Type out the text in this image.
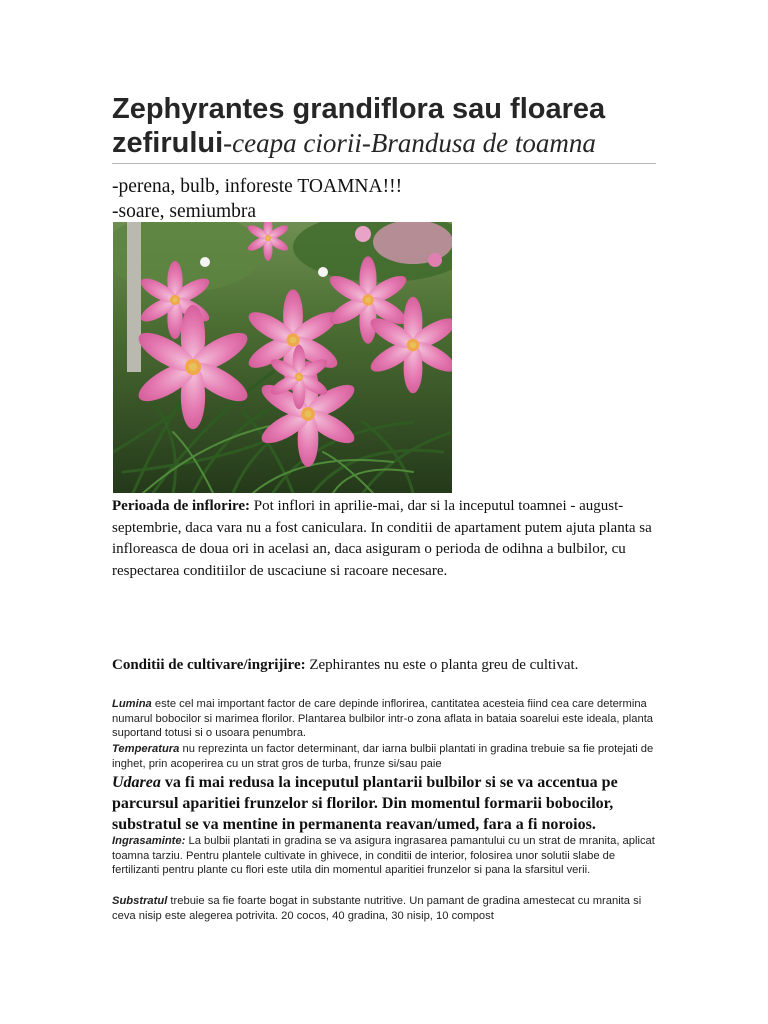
Zephyrantes grandiflora sau floarea zefirului-ceapa ciorii-Brandusa de toamna
-perena, bulb, inforeste TOAMNA!!!
-soare, semiumbra
Perioada de inflorire: Pot inflori in aprilie-mai, dar si la inceputul toamnei - august-septembrie, daca vara nu a fost caniculara. In conditii de apartament putem ajuta planta sa infloreasca de doua ori in acelasi an, daca asiguram o perioda de odihna a bulbilor, cu respectarea conditiilor de uscaciune si racoare necesare.
Conditii de cultivare/ingrijire: Zephirantes nu este o planta greu de cultivat.
Lumina este cel mai important factor de care depinde inflorirea, cantitatea acesteia fiind cea care determina numarul bobocilor si marimea florilor. Plantarea bulbilor intr-o zona aflata in bataia soarelui este ideala, planta suportand totusi si o usoara penumbra.
Temperatura nu reprezinta un factor determinant, dar iarna bulbii plantati in gradina trebuie sa fie protejati de inghet, prin acoperirea cu un strat gros de turba, frunze si/sau paie
Udarea va fi mai redusa la inceputul plantarii bulbilor si se va accentua pe parcursul aparitiei frunzelor si florilor. Din momentul formarii bobocilor, substratul se va mentine in permanenta reavan/umed, fara a fi noroios.
Ingrasaminte: La bulbii plantati in gradina se va asigura ingrasarea pamantului cu un strat de mranita, aplicat toamna tarziu. Pentru plantele cultivate in ghivece, in conditii de interior, folosirea unor solutii slabe de fertilizanti pentru plante cu flori este utila din momentul aparitiei frunzelor si pana la sfarsitul verii.
Substratul trebuie sa fie foarte bogat in substante nutritive. Un pamant de gradina amestecat cu mranita si ceva nisip este alegerea potrivita. 20 cocos, 40 gradina, 30 nisip, 10 compost
